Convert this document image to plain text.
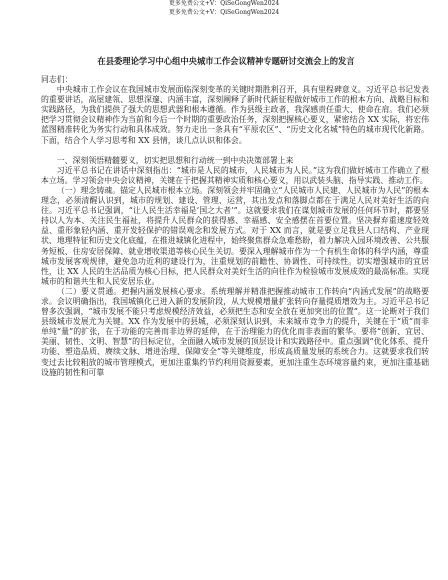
更多免费公文+V：QiSeGongWen2024
更多免费公文+V：QiSeGongWen2024
在县委理论学习中心组中央城市工作会议精神专题研讨交流会上的发言

同志们：

中央城市工作会议在我国城市发展面临深刻变革的关键时期胜利召开，具有里程碑意义。习近平总书记发表的重要讲话，高屋建瓴、思想深邃、内涵丰富，深刻阐释了新时代新征程做好城市工作的根本方向、战略目标和实践路径，为我们提供了强大的思想武器和根本遵循。作为县级主政者，我深感责任重大、使命在肩。我们必须把学习贯彻会议精神作为当前和今后一个时期的重要政治任务，深刻把握核心要义，紧密结合 XX 实际，将宏伟蓝图精准转化为务实行动和具体成效。努力走出一条具有“平原农区”、“历史文化名城”特色的城市现代化新路。下面，结合个人学习思考和 XX 县情，谈几点认识和体会。

一、深刻领悟精髓要义，切实把思想和行动统一到中央决策部署上来

习近平总书记在讲话中深刻指出：“城市是人民的城市，人民城市为人民。”这为我们做好城市工作确立了根本立场。学习领会中央会议精神，关键在于把握其精神实质和核心要义，用以武装头脑、指导实践、推动工作。

（一）理念铸魂。锚定人民城市根本立场。深刻领会并牢固确立“人民城市人民建、人民城市为人民”的根本理念，必须清醒认识到，城市的规划、建设、管理、运营，其出发点和落脚点都在于满足人民对美好生活的向往。习近平总书记强调，“让人民生活幸福是‘国之大者’”。这就要求我们在谋划城市发展的任何环节时，都要坚持以人为本、关注民生福祉，将提升人民群众的获得感、幸福感、安全感摆在首要位置。坚决摒弃重速度轻效益、重形象轻内涵、重开发轻保护的错误观念和发展方式。对于 XX 而言，就是要立足我县人口结构、产业现状、地理特征和历史文化底蕴，在推进城镇化进程中，始终聚焦群众急难愁盼，着力解决入园环境改善、公共服务短板、住房安居保障、就业增收渠道等核心民生关切。要深入理解城市作为一个有机生命体的科学内涵，尊重城市发展客观规律，避免急功近利的建设行为，注重规划的前瞻性、协调性、可持续性。切实增强城市的宜居性，让 XX 人民的生活品质为核心目标，把人民群众对美好生活的向往作为检验城市发展成效的最高标准。实现城市的和谐共生和人民安居乐业。

（二）要义贯通。把握内涵发展核心要求。系统理解并精准把握推动城市工作转向“内涵式发展”的战略要求。会议明确指出，我国城镇化已进入新的发展阶段，从大规模增量扩张转向存量提质增效为主。习近平总书记曾多次强调，“城市发展不能只考虑规模经济效益，必须把生态和安全放在更加突出的位置”。这一论断对于我们县级城市发展尤为关键。XX 作为发展中的县城，必须深刻认识到，未来城市竞争力的提升，关键在于“质”而非单纯“量”的扩张，在于功能的完善而非边界的延伸，在于治理能力的优化而非表面的繁华。要将“创新、宜居、美丽、韧性、文明、智慧”的目标定位，全面融入城市发展的顶层设计和实践路径中。重点强调“优化体系、提升功能、塑造品质、赓续文脉、增进治理、保障安全”等关键维度，形成高质量发展的系统合力。这就要求我们转变过去比较粗放的城市管理模式，更加注重集约节约利用资源要素，更加注重生态环境容量约束，更加注重基础设施的韧性和可靠
